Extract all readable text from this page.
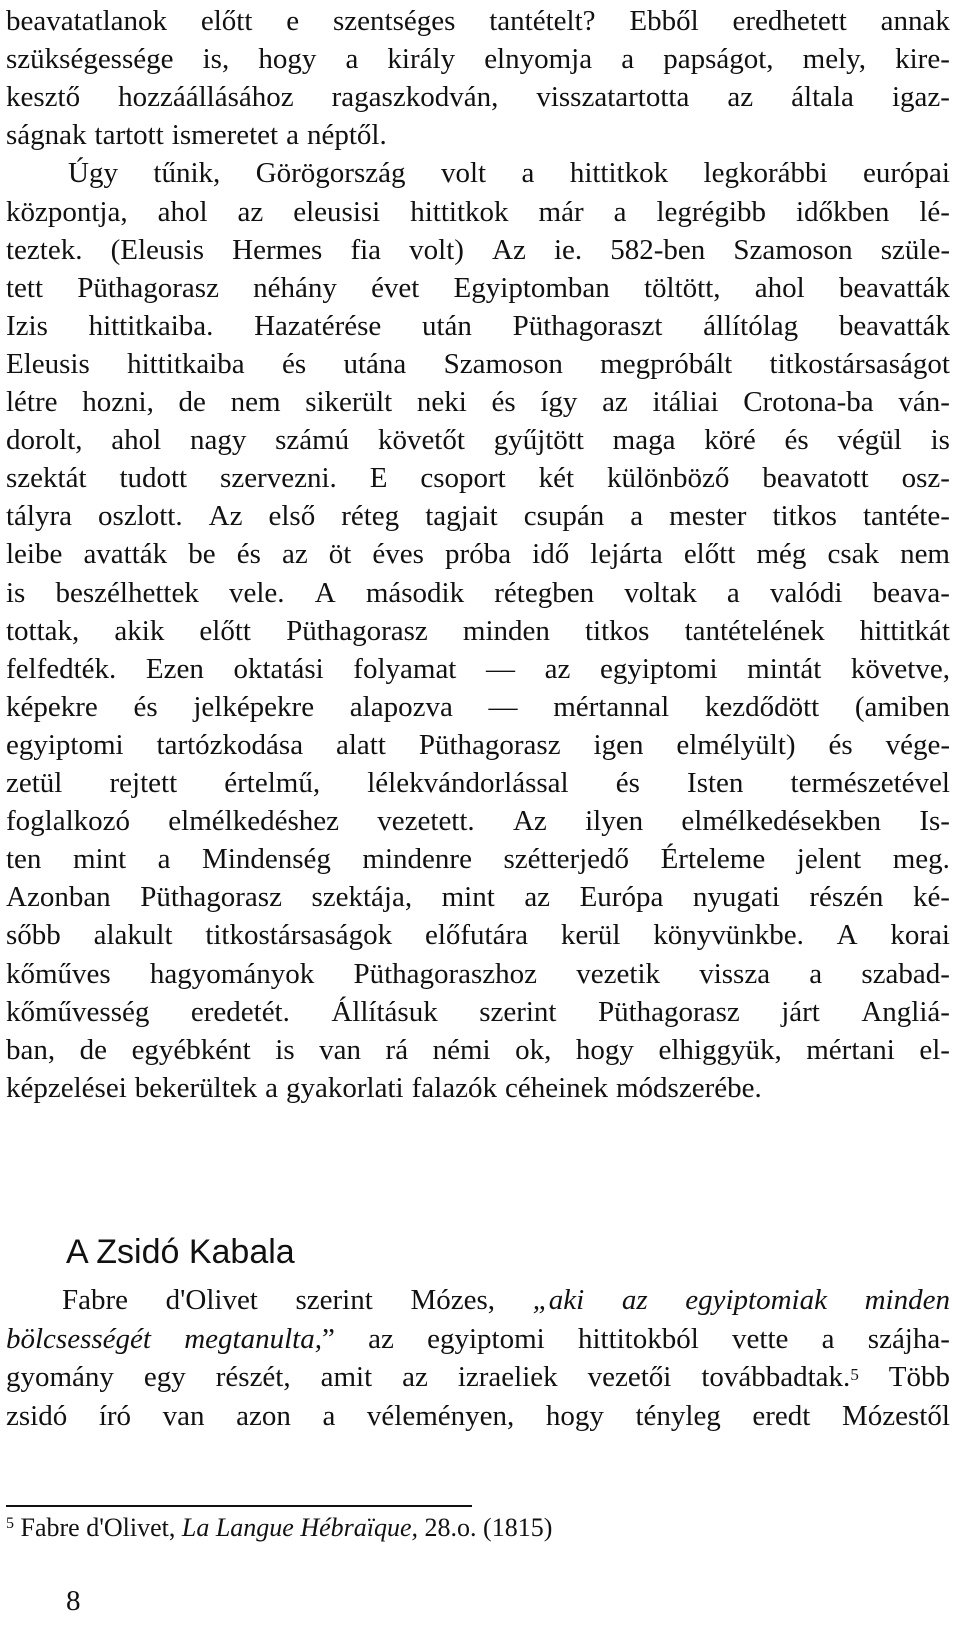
beavatatlanok előtt e szentséges tantételt? Ebből eredhetett annak
szükségessége is, hogy a király elnyomja a papságot, mely, kire-
kesztő hozzáállásához ragaszkodván, visszatartotta az általa igaz-
ságnak tartott ismeretet a néptől.
Úgy tűnik, Görögország volt a hittitkok legkorábbi európai
központja, ahol az eleusisi hittitkok már a legrégibb időkben lé-
teztek. (Eleusis Hermes fia volt) Az ie. 582-ben Szamoson szüle-
tett Püthagorasz néhány évet Egyiptomban töltött, ahol beavatták
Izis hittitkaiba. Hazatérése után Püthagoraszt állítólag beavatták
Eleusis hittitkaiba és utána Szamoson megpróbált titkostársaságot
létre hozni, de nem sikerült neki és így az itáliai Crotona-ba ván-
dorolt, ahol nagy számú követőt gyűjtött maga köré és végül is
szektát tudott szervezni. E csoport két különböző beavatott osz-
tályra oszlott. Az első réteg tagjait csupán a mester titkos tantéte-
leibe avatták be és az öt éves próba idő lejárta előtt még csak nem
is beszélhettek vele. A második rétegben voltak a valódi beava-
tottak, akik előtt Püthagorasz minden titkos tantételének hittitkát
felfedték. Ezen oktatási folyamat — az egyiptomi mintát követve,
képekre és jelképekre alapozva — mértannal kezdődött (amiben
egyiptomi tartózkodása alatt Püthagorasz igen elmélyült) és vége-
zetül rejtett értelmű, lélekvándorlással és Isten természetével
foglalkozó elmélkedéshez vezetett. Az ilyen elmélkedésekben Is-
ten mint a Mindenség mindenre szétterjedő Érteleme jelent meg.
Azonban Püthagorasz szektája, mint az Európa nyugati részén ké-
sőbb alakult titkostársaságok előfutára kerül könyvünkbe. A korai
kőműves hagyományok Püthagoraszhoz vezetik vissza a szabad-
kőművesség eredetét. Állításuk szerint Püthagorasz járt Angliá-
ban, de egyébként is van rá némi ok, hogy elhiggyük, mértani el-
képzelései bekerültek a gyakorlati falazók céheinek módszerébe.
Fabre d'Olivet szerint Mózes, „aki az egyiptomiak minden
bölcsességét megtanulta,” az egyiptomi hittitokból vette a szájha-
gyomány egy részét, amit az izraeliek vezetői továbbadtak.$^5$ Több
zsidó író van azon a véleményen, hogy tényleg eredt Mózestől
A Zsidó Kabala
$^5$ Fabre d'Olivet, La Langue Hébraïque, 28.o. (1815)
8
